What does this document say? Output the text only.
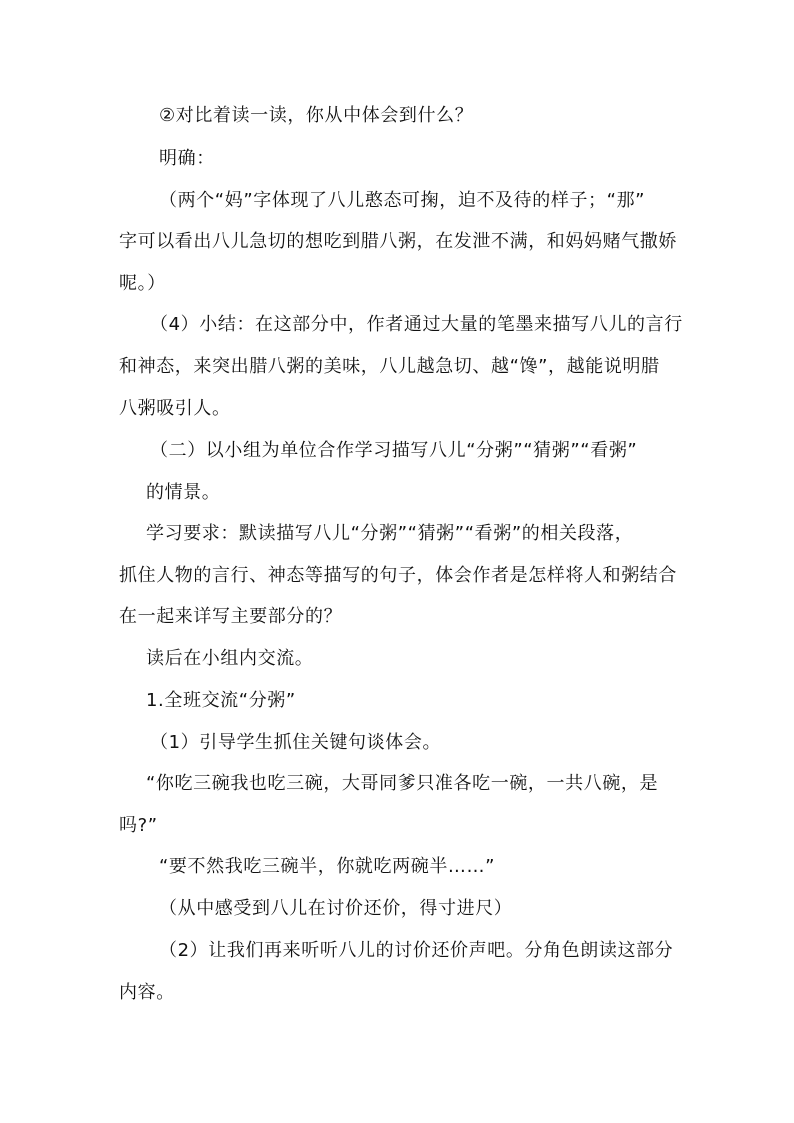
②对比着读一读，你从中体会到什么？
明确：
（两个“妈”字体现了八儿憨态可掬，迫不及待的样子；“那”
字可以看出八儿急切的想吃到腊八粥，在发泄不满，和妈妈赌气撒娇
呢。）
（4）小结：在这部分中，作者通过大量的笔墨来描写八儿的言行
和神态，来突出腊八粥的美味，八儿越急切、越“馋”，越能说明腊
八粥吸引人。
（二）以小组为单位合作学习描写八儿“分粥”“猜粥”“看粥”
的情景。
学习要求：默读描写八儿“分粥”“猜粥”“看粥”的相关段落，
抓住人物的言行、神态等描写的句子，体会作者是怎样将人和粥结合
在一起来详写主要部分的？
读后在小组内交流。
1.全班交流“分粥”
（1）引导学生抓住关键句谈体会。
“你吃三碗我也吃三碗，大哥同爹只准各吃一碗，一共八碗，是
吗?”
“要不然我吃三碗半，你就吃两碗半……”
（从中感受到八儿在讨价还价，得寸进尺）
（2）让我们再来听听八儿的讨价还价声吧。分角色朗读这部分
内容。
